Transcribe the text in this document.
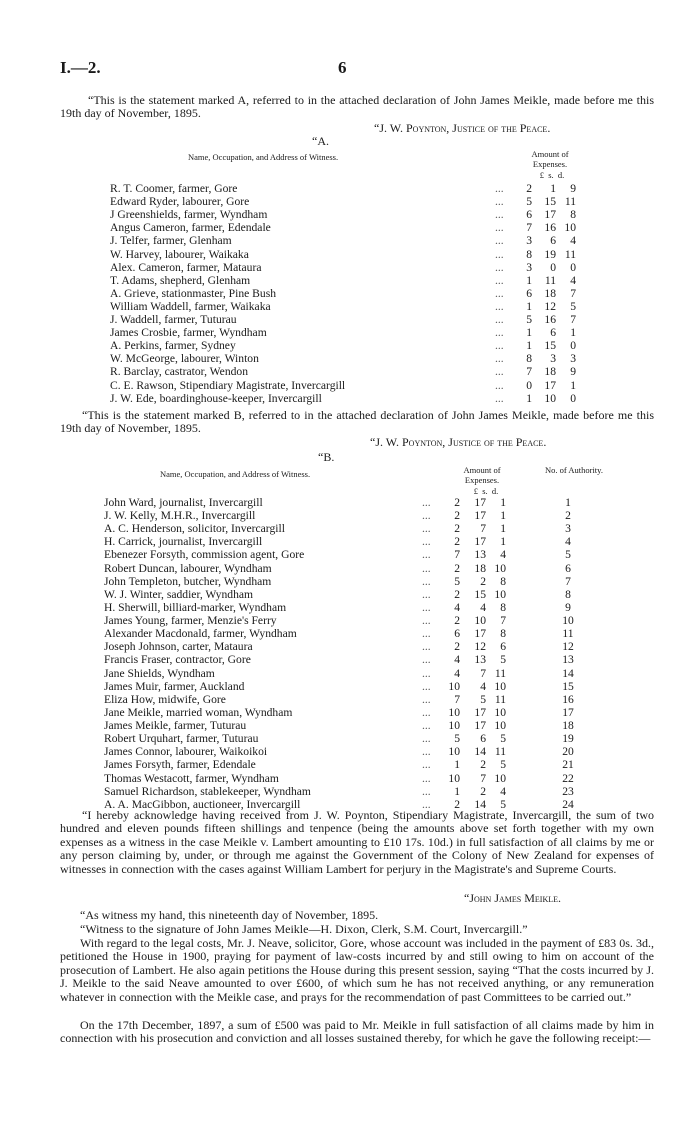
I.—2.	6

“This is the statement marked A, referred to in the attached declaration of John James Meikle, made before me this 19th day of November, 1895.

“J. W. Poynton, Justice of the Peace.
“A.
Name, Occupation, and Address of Witness.	Amount of Expenses.
£ s. d.
R. T. Coomer, farmer, Gore	...	2	1	9
Edward Ryder, labourer, Gore	...	5	15 11
J Greenshields, farmer, Wyndham	...	6	17	8
Angus Cameron, farmer, Edendale	...	7	16 10
J. Telfer, farmer, Glenham	...	3	6	4
W. Harvey, labourer, Waikaka	...	8	19 11
Alex. Cameron, farmer, Mataura	...	3	0	0
T. Adams, shepherd, Glenham	...	1	11	4
A. Grieve, stationmaster, Pine Bush	...	6	18	7
William Waddell, farmer, Waikaka	...	1	12	5
J. Waddell, farmer, Tuturau	...	5	16	7
James Crosbie, farmer, Wyndham	...	1	6	1
A. Perkins, farmer, Sydney	...	1	15	0
W. McGeorge, labourer, Winton	...	8	3	3
R. Barclay, castrator, Wendon	...	7	18	9
C. E. Rawson, Stipendiary Magistrate, Invercargill	...	0	17	1
J. W. Ede, boardinghouse-keeper, Invercargill	...	1	10	0

“This is the statement marked B, referred to in the attached declaration of John James Meikle, made before me this 19th day of November, 1895.

“J. W. Poynton, Justice of the Peace.
“B.
Name, Occupation, and Address of Witness.	Amount of Expenses.
£ s. d.
No. of Authority.
John Ward, journalist, Invercargill	...	2	17	1	1
J. W. Kelly, M.H.R., Invercargill	...	2	17	1	2
A. C. Henderson, solicitor, Invercargill	...	2	7	1	3
H. Carrick, journalist, Invercargill	...	2	17	1	4
Ebenezer Forsyth, commission agent, Gore	...	7	13	4	5
Robert Duncan, labourer, Wyndham	...	2	18 10	6
John Templeton, butcher, Wyndham	...	5	2	8	7
W. J. Winter, saddier, Wyndham	...	2	15 10	8
H. Sherwill, billiard-marker, Wyndham	...	4	4	8	9
James Young, farmer, Menzie's Ferry	...	2	10	7	10
Alexander Macdonald, farmer, Wyndham	...	6	17	8	11
Joseph Johnson, carter, Mataura	...	2	12	6	12
Francis Fraser, contractor, Gore	...	4	13	5	13
Jane Shields, Wyndham	...	4	7 11	14
James Muir, farmer, Auckland	...	10	4 10	15
Eliza How, midwife, Gore	...	7	5 11	16
Jane Meikle, married woman, Wyndham	...	10	17 10	17
James Meikle, farmer, Tuturau	...	10	17 10	18
Robert Urquhart, farmer, Tuturau	...	5	6	5	19
James Connor, labourer, Waikoikoi	...	10	14 11	20
James Forsyth, farmer, Edendale	...	1	2	5	21
Thomas Westacott, farmer, Wyndham	...	10	7 10	22
Samuel Richardson, stablekeeper, Wyndham	...	1	2	4	23
A. A. MacGibbon, auctioneer, Invercargill	...	2	14	5	24

“I hereby acknowledge having received from J. W. Poynton, Stipendiary Magistrate, Invercargill, the sum of two hundred and eleven pounds fifteen shillings and tenpence (being the amounts above set forth together with my own expenses as a witness in the case Meikle v. Lambert amounting to £10 17s. 10d.) in full satisfaction of all claims by me or any person claiming by, under, or through me against the Government of the Colony of New Zealand for expenses of witnesses in connection with the cases against William Lambert for perjury in the Magistrate's and Supreme Courts.

“John James Meikle.

“As witness my hand, this nineteenth day of November, 1895.

“Witness to the signature of John James Meikle—H. Dixon, Clerk, S.M. Court, Invercargill.”

With regard to the legal costs, Mr. J. Neave, solicitor, Gore, whose account was included in the payment of £83 0s. 3d., petitioned the House in 1900, praying for payment of law-costs incurred by and still owing to him on account of the prosecution of Lambert. He also again petitions the House during this present session, saying “That the costs incurred by J. J. Meikle to the said Neave amounted to over £600, of which sum he has not received anything, or any remuneration whatever in connection with the Meikle case, and prays for the recommendation of past Committees to be carried out.”

On the 17th December, 1897, a sum of £500 was paid to Mr. Meikle in full satisfaction of all claims made by him in connection with his prosecution and conviction and all losses sustained thereby, for which he gave the following receipt:—
